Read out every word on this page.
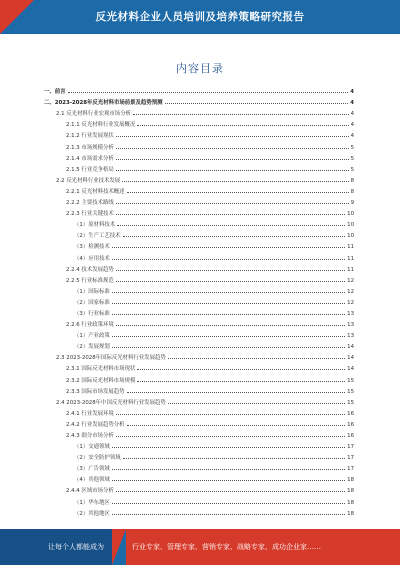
反光材料企业人员培训及培养策略研究报告
内容目录
一、前言	4
二、2023-2028年反光材料市场前景及趋势预测	4
2.1 反光材料行业宏观市场分析	4
2.1.1 反光材料行业发展概况	4
2.1.2 行业发展现状	4
2.1.3 市场规模分析	5
2.1.4 市场需求分析	5
2.1.5 行业竞争格局	5
2.2 反光材料行业技术发展	8
2.2.1 反光材料技术概述	8
2.2.2 主要技术路线	9
2.2.3 行业关键技术	10
（1）原材料技术	10
（2）生产工艺技术	10
（3）检测技术	11
（4）应用技术	11
2.2.4 技术发展趋势	11
2.2.5 行业标准规范	12
（1）国际标准	12
（2）国家标准	12
（3）行业标准	13
2.2.6 行业政策环境	13
（1）产业政策	13
（2）发展规划	14
2.3 2023-2028年国际反光材料行业发展趋势	14
2.3.1 国际反光材料市场现状	14
2.3.2 国际反光材料市场规模	15
2.3.3 国际市场发展趋势	15
2.4 2023-2028年中国反光材料行业发展趋势	15
2.4.1 行业发展环境	16
2.4.2 行业发展趋势分析	16
2.4.3 细分市场分析	16
（1）交通领域	17
（2）安全防护领域	17
（3）广告领域	17
（4）其他领域	18
2.4.4 区域市场分析	18
（1）华东地区	18
（2）其他地区	18
让每个人都能成为	行业专家、管理专家、营销专家、战略专家、成功企业家……
